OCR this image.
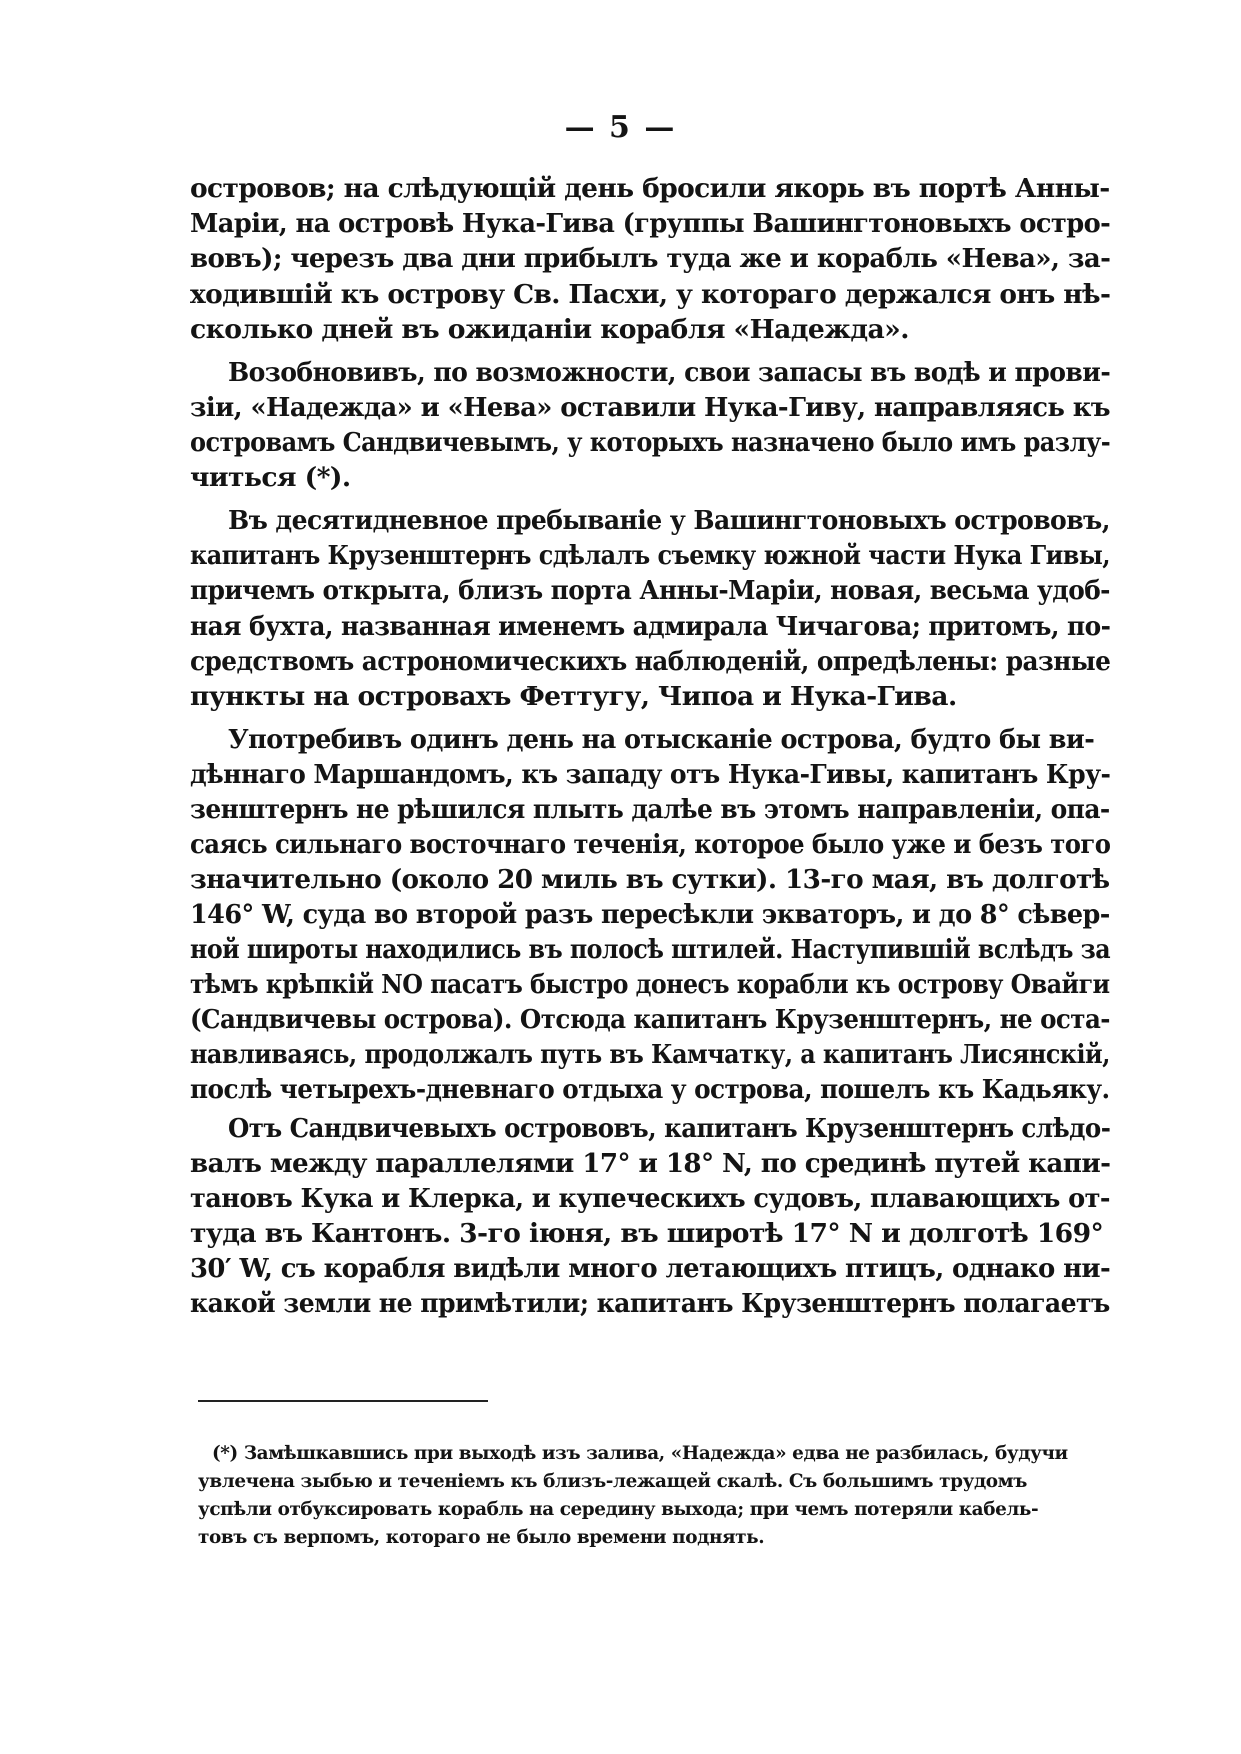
— 5 —
островов; на слѣдующій день бросили якорь въ портѣ Анны-
Маріи, на островѣ Нука-Гива (группы Вашингтоновыхъ остро-
вовъ); черезъ два дни прибылъ туда же и корабль «Нева», за-
ходившій къ острову Св. Пасхи, у котораго держался онъ нѣ-
сколько дней въ ожиданіи корабля «Надежда».
Возобновивъ, по возможности, свои запасы въ водѣ и прови-
зіи, «Надежда» и «Нева» оставили Нука-Гиву, направляясь къ
островамъ Сандвичевымъ, у которыхъ назначено было имъ разлу-
читься (*).
Въ десятидневное пребываніе у Вашингтоновыхъ острововъ,
капитанъ Крузенштернъ сдѣлалъ съемку южной части Нука Гивы,
причемъ открыта, близъ порта Анны-Маріи, новая, весьма удоб-
ная бухта, названная именемъ адмирала Чичагова; притомъ, по-
средствомъ астрономическихъ наблюденій, опредѣлены: разные
пункты на островахъ Феттугу, Чипоа и Нука-Гива.
Употребивъ одинъ день на отысканіе острова, будто бы ви-
дѣннаго Маршандомъ, къ западу отъ Нука-Гивы, капитанъ Кру-
зенштернъ не рѣшился плыть далѣе въ этомъ направленіи, опа-
саясь сильнаго восточнаго теченія, которое было уже и безъ того
значительно (около 20 миль въ сутки). 13-го мая, въ долготѣ
146° W, суда во второй разъ пересѣкли экваторъ, и до 8° сѣвер-
ной широты находились въ полосѣ штилей. Наступившій вслѣдъ за
тѣмъ крѣпкій NO пасатъ быстро донесъ корабли къ острову Овайги
(Сандвичевы острова). Отсюда капитанъ Крузенштернъ, не оста-
навливаясь, продолжалъ путь въ Камчатку, а капитанъ Лисянскій,
послѣ четырехъ-дневнаго отдыха у острова, пошелъ къ Кадьяку.
Отъ Сандвичевыхъ острововъ, капитанъ Крузенштернъ слѣдо-
валъ между параллелями 17° и 18° N, по срединѣ путей капи-
тановъ Кука и Клерка, и купеческихъ судовъ, плавающихъ от-
туда въ Кантонъ. 3-го іюня, въ широтѣ 17° N и долготѣ 169°
30′ W, съ корабля видѣли много летающихъ птицъ, однако ни-
какой земли не примѣтили; капитанъ Крузенштернъ полагаетъ
(*) Замѣшкавшись при выходѣ изъ залива, «Надежда» едва не разбилась, будучи
увлечена зыбью и теченіемъ къ близъ-лежащей скалѣ. Съ большимъ трудомъ
успѣли отбуксировать корабль на середину выхода; при чемъ потеряли кабель-
товъ съ верпомъ, котораго не было времени поднять.
